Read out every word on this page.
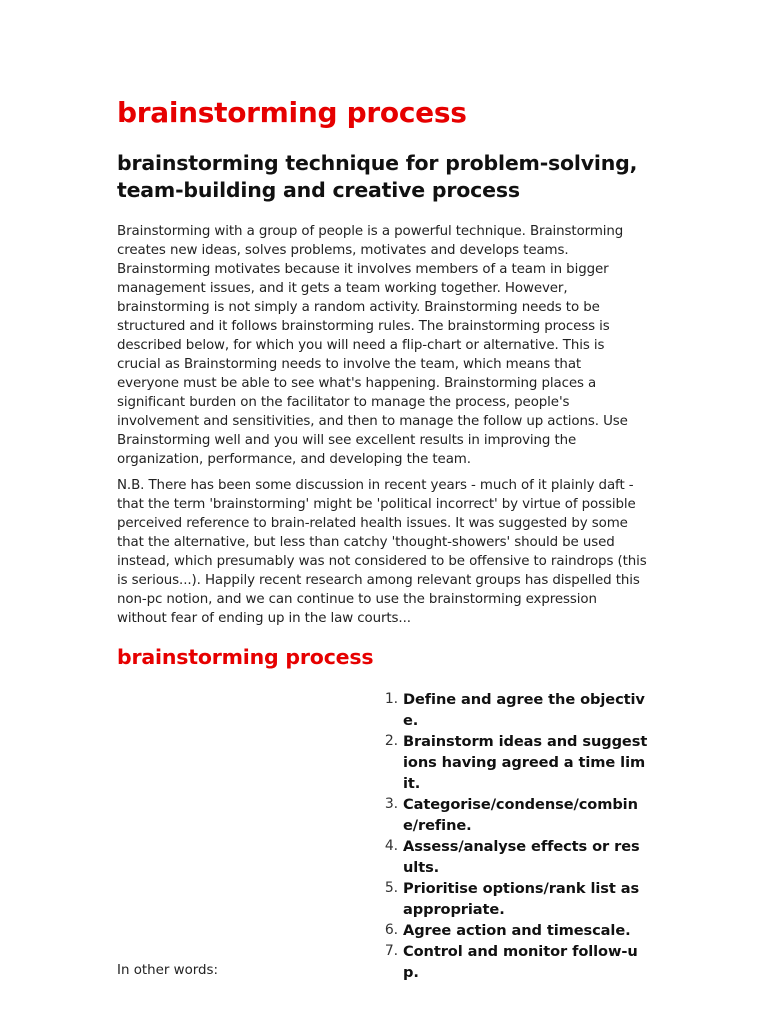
brainstorming process
brainstorming technique for problem-solving, team-building and creative process

Brainstorming with a group of people is a powerful technique. Brainstorming creates new ideas, solves problems, motivates and develops teams. Brainstorming motivates because it involves members of a team in bigger management issues, and it gets a team working together. However, brainstorming is not simply a random activity. Brainstorming needs to be structured and it follows brainstorming rules. The brainstorming process is described below, for which you will need a flip-chart or alternative. This is crucial as Brainstorming needs to involve the team, which means that everyone must be able to see what's happening. Brainstorming places a significant burden on the facilitator to manage the process, people's involvement and sensitivities, and then to manage the follow up actions. Use Brainstorming well and you will see excellent results in improving the organization, performance, and developing the team.

N.B. There has been some discussion in recent years - much of it plainly daft - that the term 'brainstorming' might be 'political incorrect' by virtue of possible perceived reference to brain-related health issues. It was suggested by some that the alternative, but less than catchy 'thought-showers' should be used instead, which presumably was not considered to be offensive to raindrops (this is serious...). Happily recent research among relevant groups has dispelled this non-pc notion, and we can continue to use the brainstorming expression without fear of ending up in the law courts...

brainstorming process
1. Define and agree the objective.
2. Brainstorm ideas and suggestions having agreed a time limit.
3. Categorise/condense/combine/refine.
4. Assess/analyse effects or results.
5. Prioritise options/rank list as appropriate.
6. Agree action and timescale.
7. Control and monitor follow-up.

In other words:
